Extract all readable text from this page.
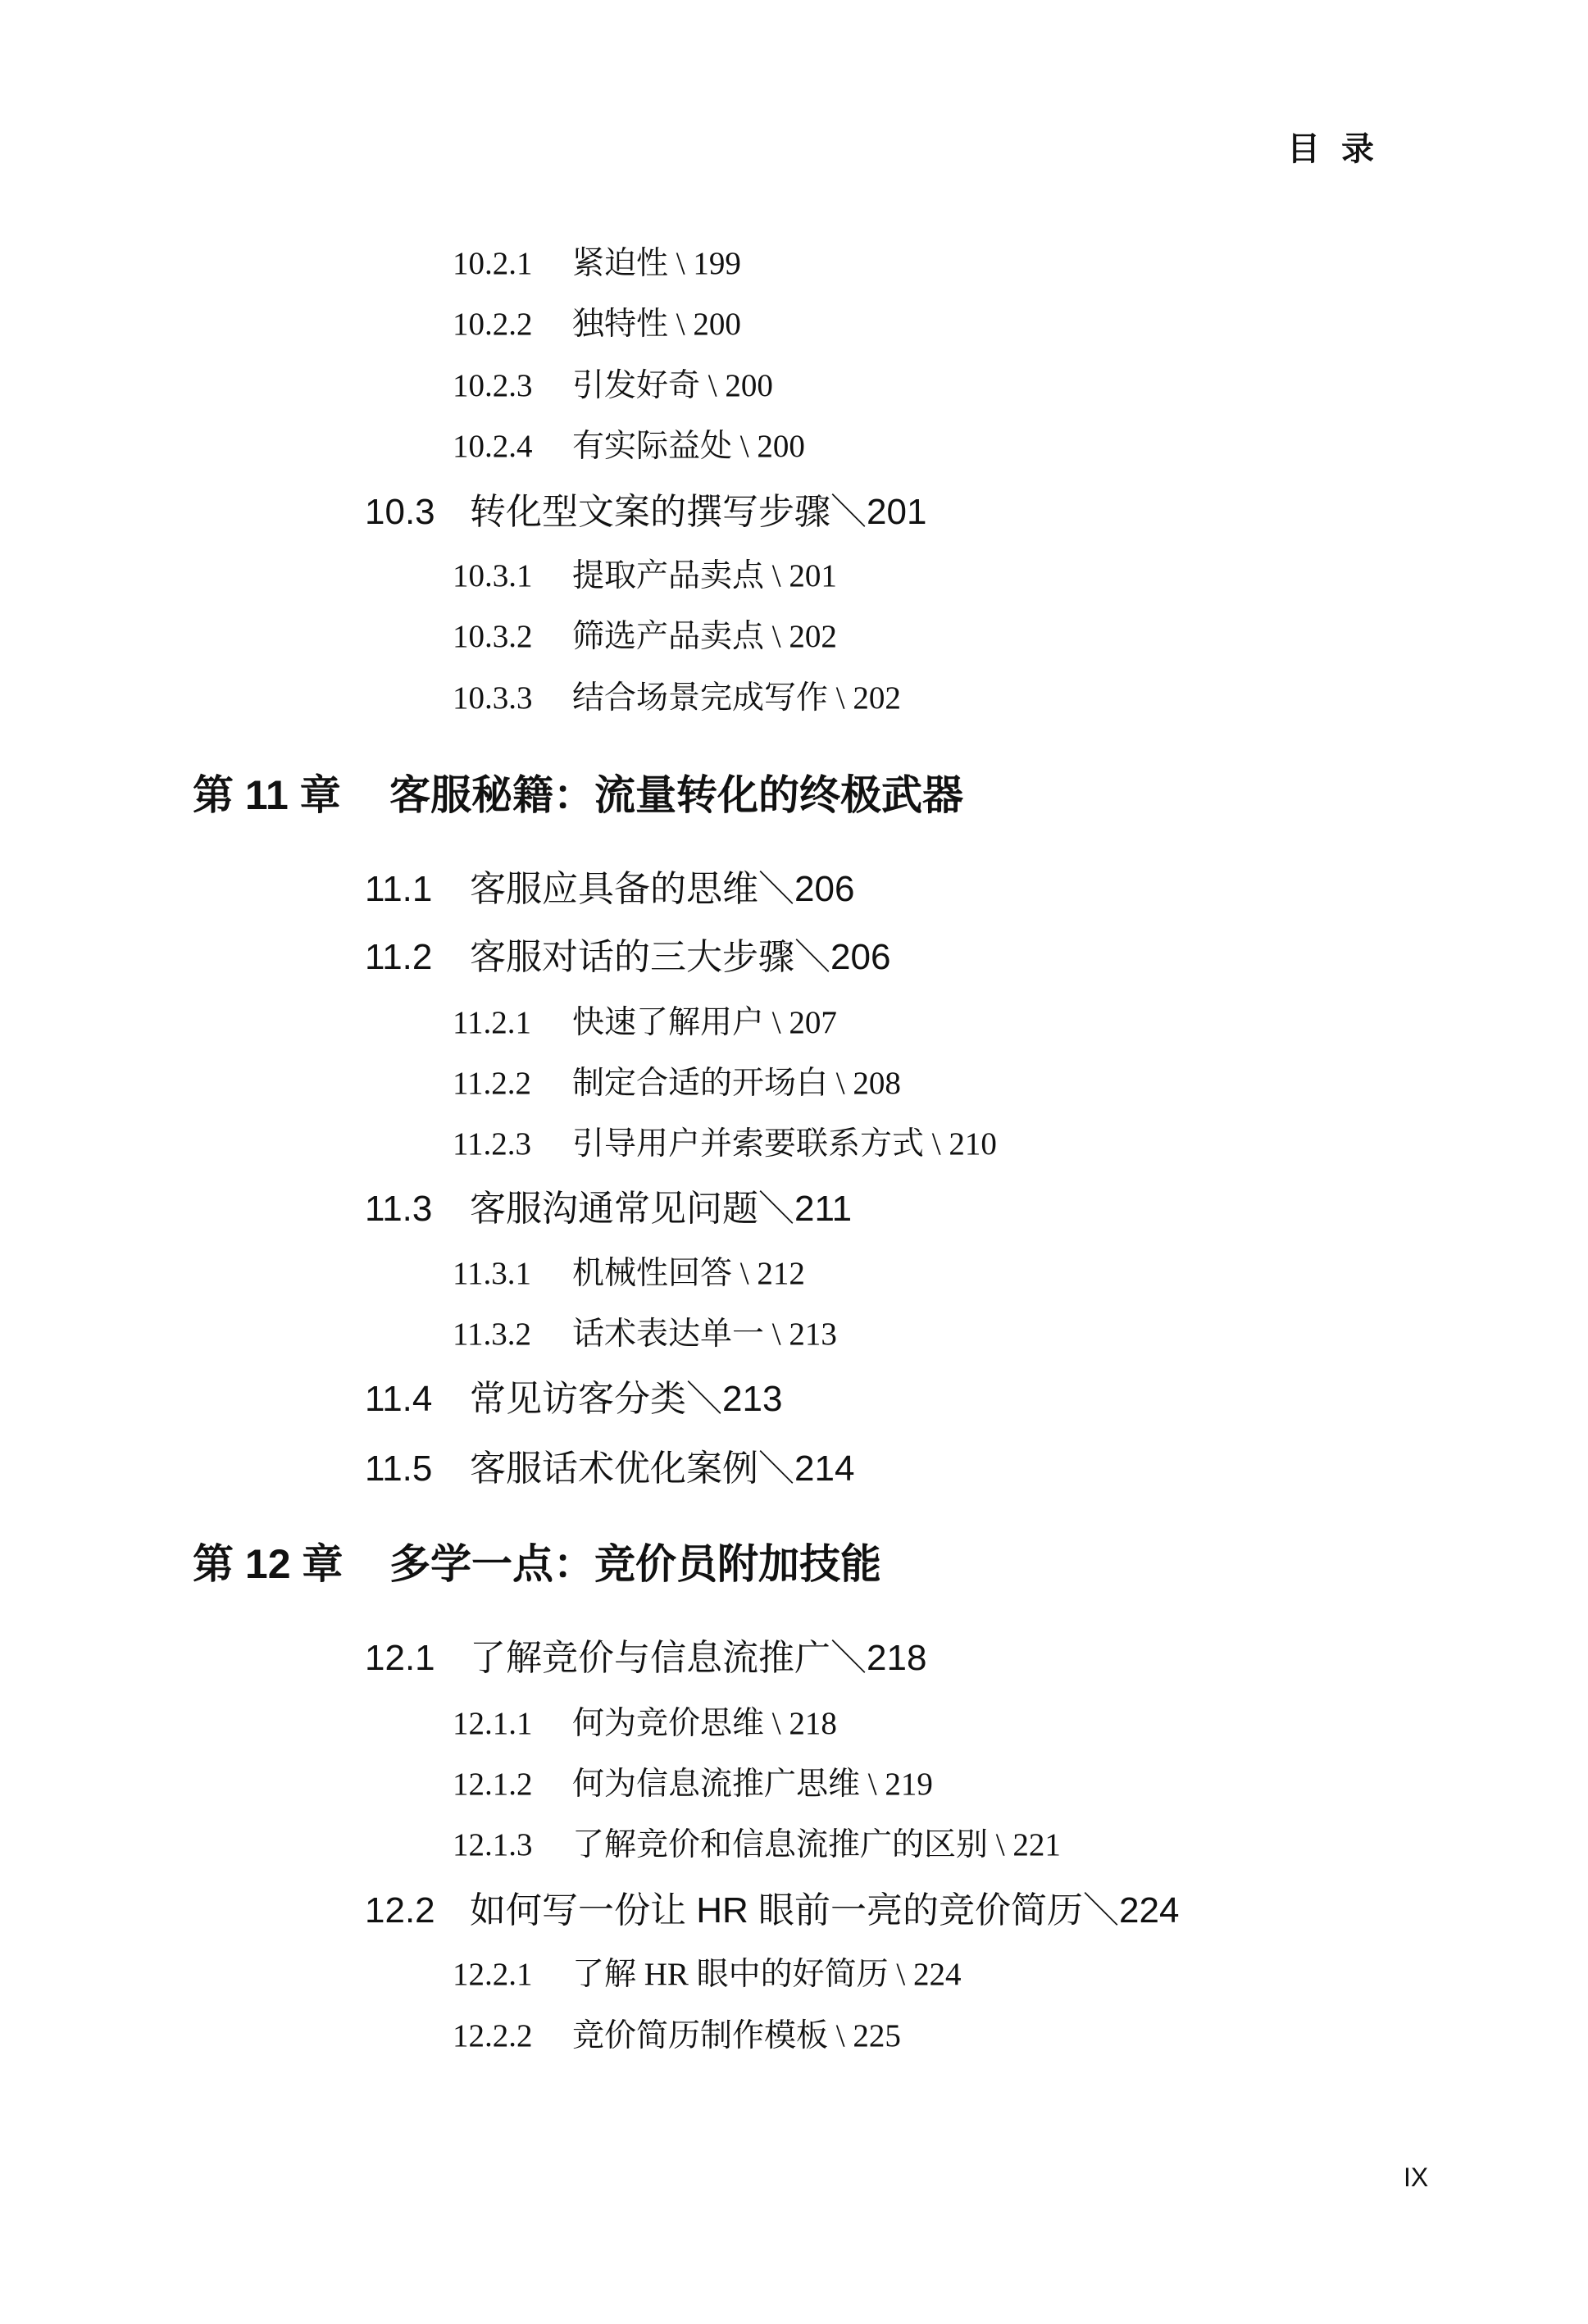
目录
10.2.1	紧迫性 \ 199
10.2.2	独特性 \ 200
10.2.3	引发好奇 \ 200
10.2.4	有实际益处 \ 200
10.3 转化型文案的撰写步骤＼201
10.3.1	提取产品卖点 \ 201
10.3.2	筛选产品卖点 \ 202
10.3.3	结合场景完成写作 \ 202
第 11 章	客服秘籍：流量转化的终极武器
11.1	客服应具备的思维＼206
11.2	客服对话的三大步骤＼206
11.2.1	快速了解用户 \ 207
11.2.2	制定合适的开场白 \ 208
11.2.3	引导用户并索要联系方式 \ 210
11.3	客服沟通常见问题＼211
11.3.1	机械性回答 \ 212
11.3.2	话术表达单一 \ 213
11.4	常见访客分类＼213
11.5	客服话术优化案例＼214
第 12 章	多学一点：竞价员附加技能
12.1 了解竞价与信息流推广＼218
12.1.1	何为竞价思维 \ 218
12.1.2	何为信息流推广思维 \ 219
12.1.3	了解竞价和信息流推广的区别 \ 221
12.2 如何写一份让 HR 眼前一亮的竞价简历＼224
12.2.1	了解 HR 眼中的好简历 \ 224
12.2.2	竞价简历制作模板 \ 225
IX
